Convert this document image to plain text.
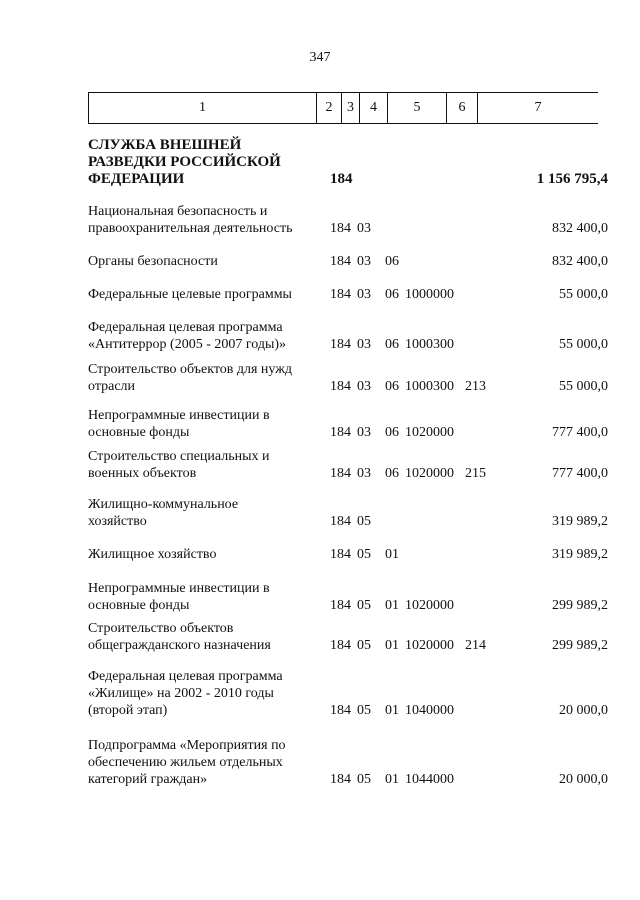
347
1	2	3	4	5	6	7
СЛУЖБА ВНЕШНЕЙ
РАЗВЕДКИ РОССИЙСКОЙ
ФЕДЕРАЦИИ	184	1 156 795,4
Национальная безопасность и
правоохранительная деятельность	184 03	832 400,0
Органы безопасности	184 03 06	832 400,0
Федеральные целевые программы	184 03 06 1000000	55 000,0
Федеральная целевая программа
«Антитеррор (2005 - 2007 годы)»	184 03 06 1000300	55 000,0
Строительство объектов для нужд
отрасли	184 03 06 1000300 213	55 000,0
Непрограммные инвестиции в
основные фонды	184 03 06 1020000	777 400,0
Строительство специальных и
военных объектов	184 03 06 1020000 215	777 400,0
Жилищно-коммунальное
хозяйство	184 05	319 989,2
Жилищное хозяйство	184 05 01	319 989,2
Непрограммные инвестиции в
основные фонды	184 05 01 1020000	299 989,2
Строительство объектов
общегражданского назначения	184 05 01 1020000 214	299 989,2
Федеральная целевая программа
«Жилище» на 2002 - 2010 годы
(второй этап)	184 05 01 1040000	20 000,0
Подпрограмма «Мероприятия по
обеспечению жильем отдельных
категорий граждан»	184 05 01 1044000	20 000,0
